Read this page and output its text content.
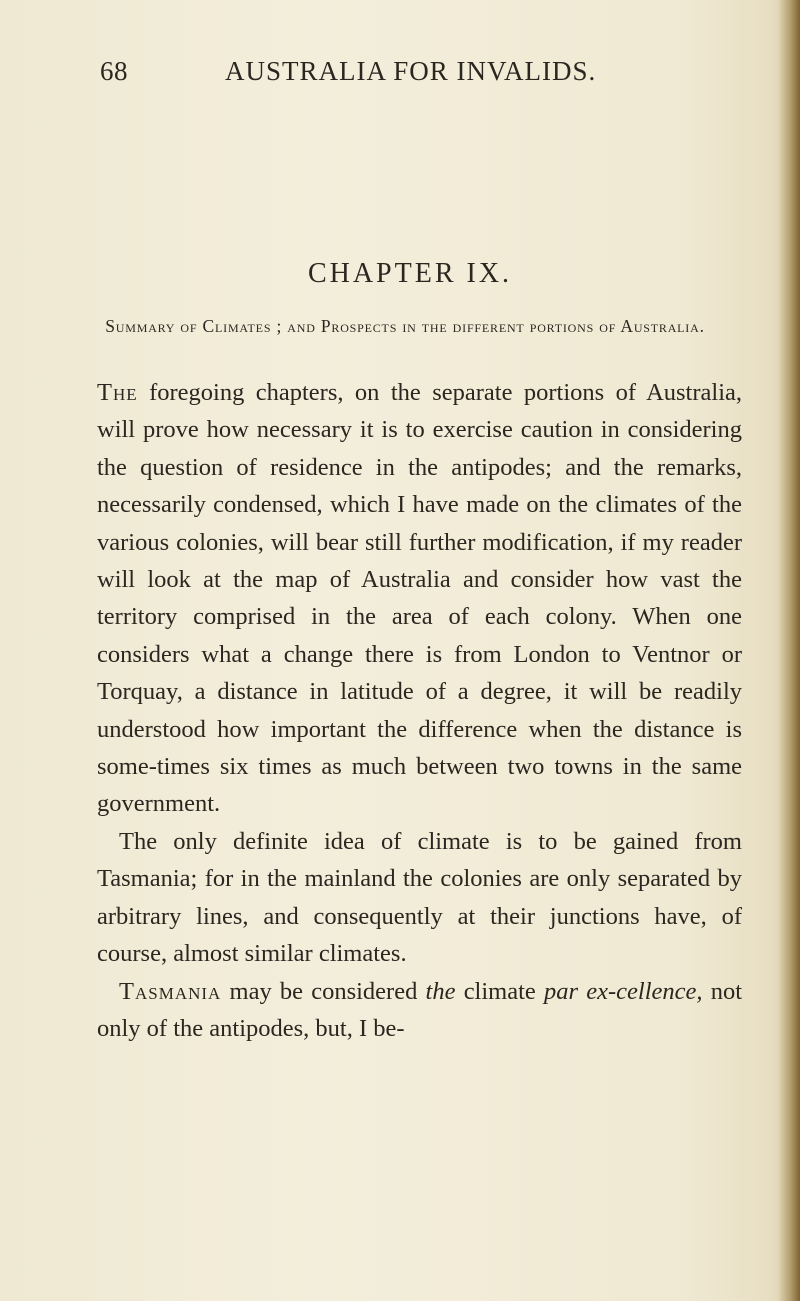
68	AUSTRALIA FOR INVALIDS.
CHAPTER IX.
Summary of Climates ; and Prospects in the different portions of Australia.

The foregoing chapters, on the separate portions of Australia, will prove how necessary it is to exercise caution in considering the question of residence in the antipodes; and the remarks, necessarily condensed, which I have made on the climates of the various colonies, will bear still further modification, if my reader will look at the map of Australia and consider how vast the territory comprised in the area of each colony. When one considers what a change there is from London to Ventnor or Torquay, a distance in latitude of a degree, it will be readily understood how important the difference when the distance is some-times six times as much between two towns in the same government.

The only definite idea of climate is to be gained from Tasmania; for in the mainland the colonies are only separated by arbitrary lines, and consequently at their junctions have, of course, almost similar climates.

Tasmania may be considered the climate par ex-cellence, not only of the antipodes, but, I be-
